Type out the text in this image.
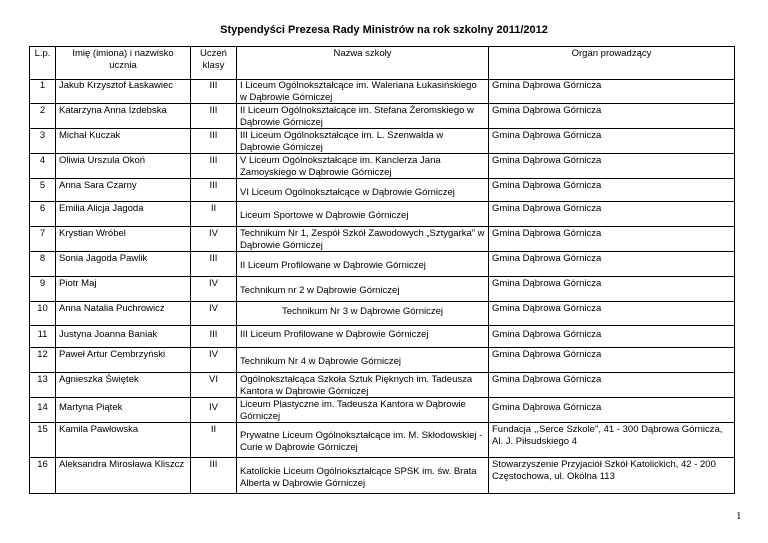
Stypendyści Prezesa Rady Ministrów na rok szkolny 2011/2012
L.p.	Imię (imiona) i nazwisko ucznia	Uczeń klasy	Nazwa szkoły	Organ prowadzący
1	Jakub Krzysztof Łaskawiec	III	I Liceum Ogólnokształcące im. Waleriana Łukasińskiego w Dąbrowie Górniczej	Gmina Dąbrowa Górnicza
2	Katarzyna Anna Izdebska	III	II Liceum Ogólnokształcące im. Stefana Żeromskiego w Dąbrowie Górniczej	Gmina Dąbrowa Górnicza
3	Michał Kuczak	III	III Liceum Ogólnokształcące im. L. Szenwalda w Dąbrowie Górniczej	Gmina Dąbrowa Górnicza
4	Oliwia Urszula Okoń	III	V Liceum Ogólnokształcące im. Kanclerza Jana Zamoyskiego w Dąbrowie Górniczej	Gmina Dąbrowa Górnicza
5	Anna Sara Czarny	III	VI Liceum Ogólnokształcące w Dąbrowie Górniczej	Gmina Dąbrowa Górnicza
6	Emilia Alicja Jagoda	II	Liceum Sportowe w Dąbrowie Górniczej	Gmina Dąbrowa Górnicza
7	Krystian Wróbel	IV	Technikum Nr 1, Zespół Szkół Zawodowych „Sztygarka” w Dąbrowie Górniczej	Gmina Dąbrowa Górnicza
8	Sonia Jagoda Pawlik	III	II Liceum Profilowane w Dąbrowie Górniczej	Gmina Dąbrowa Górnicza
9	Piotr Maj	IV	Technikum nr 2 w Dąbrowie Górniczej	Gmina Dąbrowa Górnicza
10	Anna Natalia Puchrowicz	IV	Technikum Nr 3 w Dąbrowie Górniczej	Gmina Dąbrowa Górnicza
11	Justyna Joanna Baniak	III	III Liceum Profilowane w Dąbrowie Górniczej	Gmina Dąbrowa Górnicza
12	Paweł Artur Cembrzyński	IV	Technikum Nr 4 w Dąbrowie Górniczej	Gmina Dąbrowa Górnicza
13	Agnieszka Świętek	VI	Ogólnokształcąca Szkoła Sztuk Pięknych im. Tadeusza Kantora w Dąbrowie Górniczej	Gmina Dąbrowa Górnicza
14	Martyna Piątek	IV	Liceum Plastyczne im. Tadeusza Kantora w Dąbrowie Górniczej	Gmina Dąbrowa Górnicza
15	Kamila Pawłowska	II	Prywatne Liceum Ogólnokształcące im. M. Skłodowskiej - Curie w Dąbrowie Górniczej	Fundacja ,,Serce Szkole", 41 - 300 Dąbrowa Górnicza, Al. J. Piłsudskiego 4
16	Aleksandra Mirosława Kliszcz	III	Katolickie Liceum Ogólnokształcące SPSK im. św. Brata Alberta w Dąbrowie Górniczej	Stowarzyszenie Przyjaciół Szkół Katolickich, 42 - 200 Częstochowa, ul. Okólna 113
1
